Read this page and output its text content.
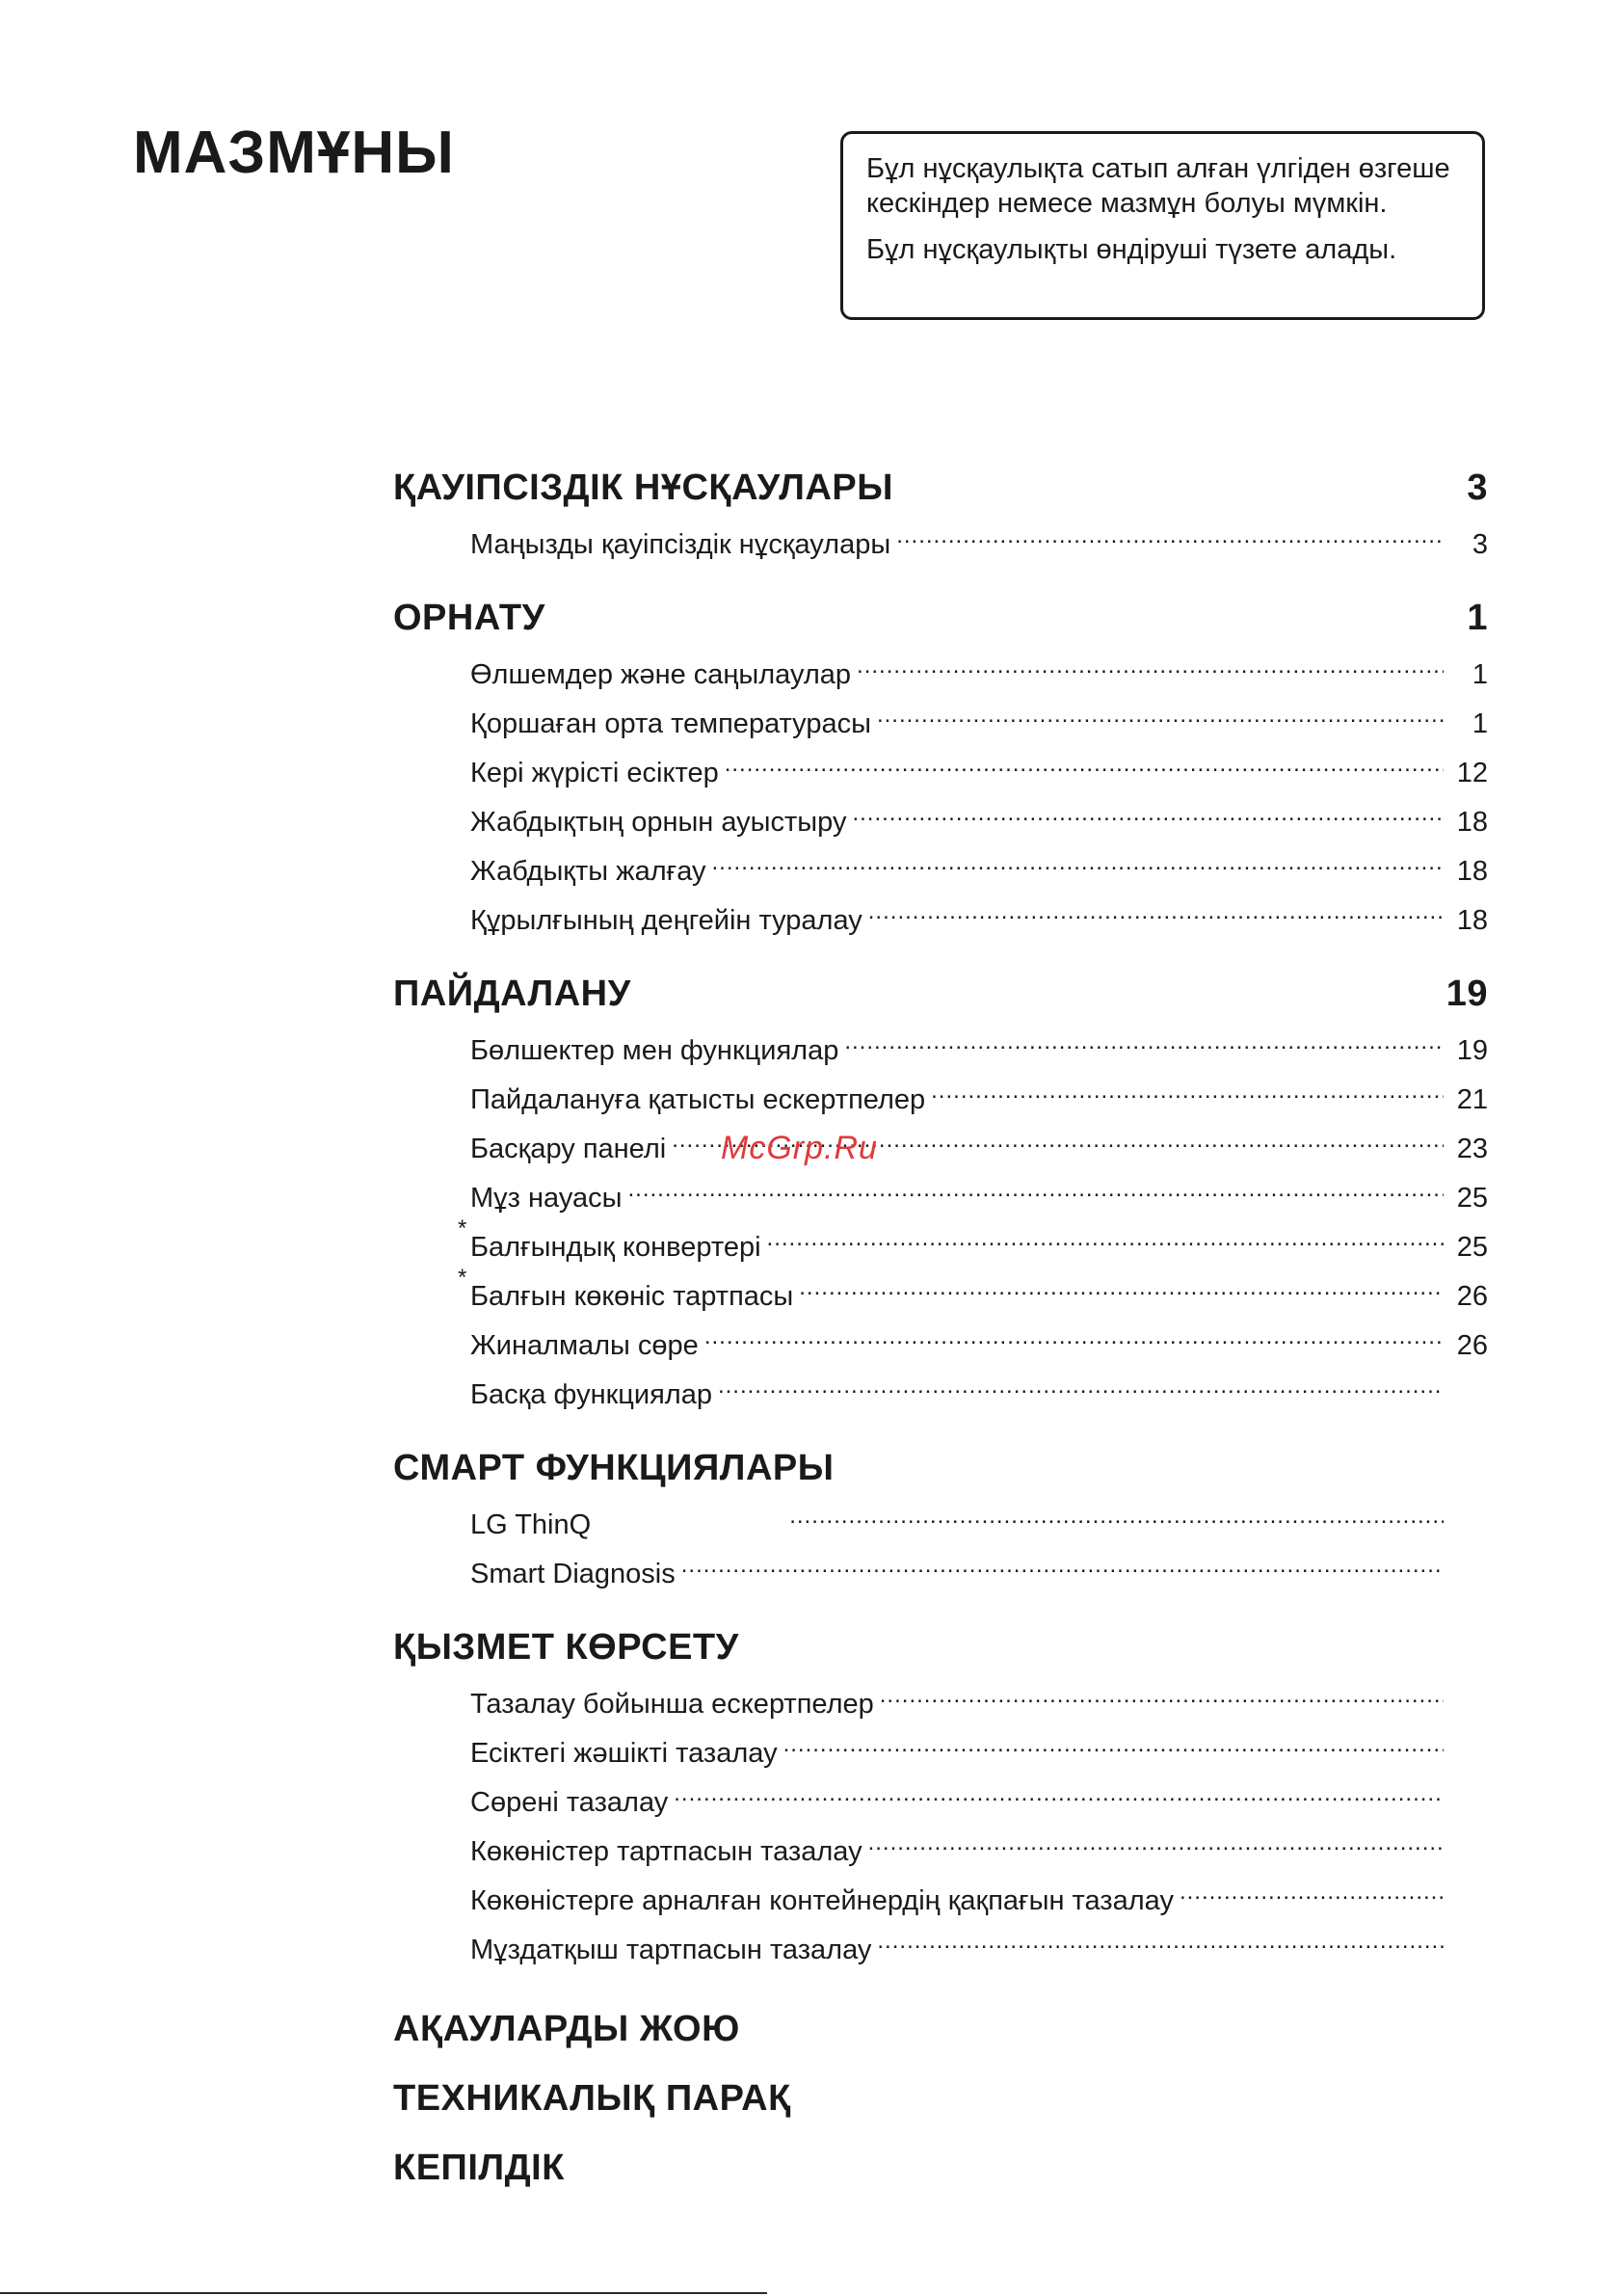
МАЗМҰНЫ	Бұл нұсқаулықта сатып алған үлгіден өзгеше кескіндер немесе мазмұн болуы мүмкін.

Бұл нұсқаулықты өндіруші түзете алады.

ҚАУІПСІЗДІК НҰСҚАУЛАРЫ	3
Маңызды қауіпсіздік нұсқаулары .....	3
ОРНАТУ	1
Өлшемдер және саңылаулар .....	1
Қоршаған орта температурасы .....	1
Кері жүрісті есіктер .....	12
Жабдықтың орнын ауыстыру .....	18
Жабдықты жалғау .....	18
Құрылғының деңгейін туралау .....	18
ПАЙДАЛАНУ	19
Бөлшектер мен функциялар .....	19
Пайдалануға қатысты ескертпелер .....	21
Басқару панелі .....	23
Мұз науасы .....	25
*
Балғындық конвертері .....	25
*
Балғын көкөніс тартпасы .....	26
Жиналмалы сөре .....	26
Басқа функциялар
.....
СМАРТ ФУНКЦИЯЛАРЫ
LG ThinQ
.....
Smart Diagnosis
.....
ҚЫЗМЕТ КӨРСЕТУ
Тазалау бойынша ескертпелер
.....
Есіктегі жәшікті тазалау
.....
Сөрені тазалау
.....
Көкөністер тартпасын тазалау
.....
Көкөністерге арналған контейнердің қақпағын тазалау
.....
Мұздатқыш тартпасын тазалау
.....
АҚАУЛАРДЫ ЖОЮ
ТЕХНИКАЛЫҚ ПАРАҚ
КЕПІЛДІК
McGrp.Ru
